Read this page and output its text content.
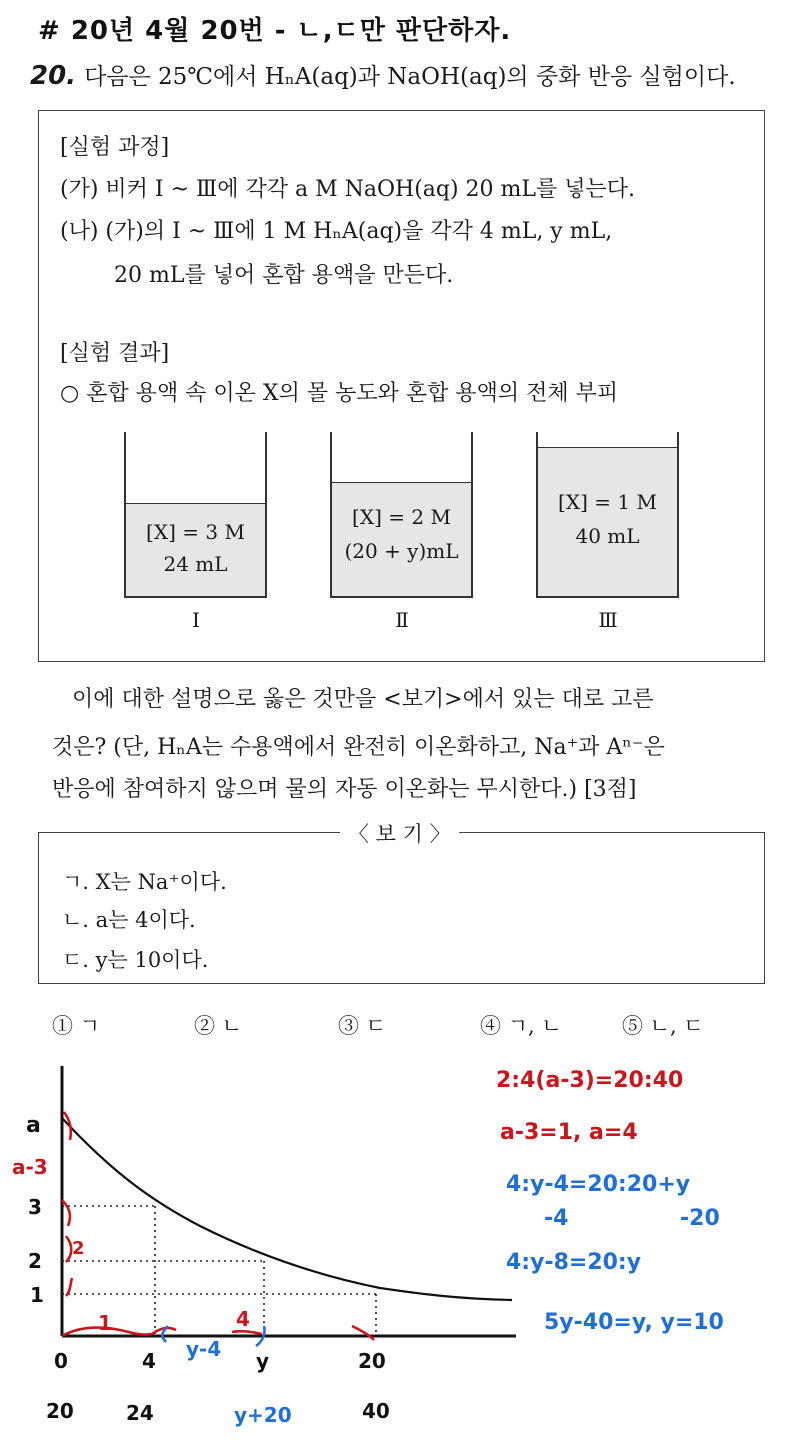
# 20년 4월 20번 - ㄴ,ㄷ만 판단하자.
20. 다음은 25℃에서 HₙA(aq)과 NaOH(aq)의 중화 반응 실험이다.
[실험 과정]
(가) 비커 Ⅰ ~ Ⅲ에 각각 a M NaOH(aq) 20 mL를 넣는다.
(나) (가)의 Ⅰ ~ Ⅲ에 1 M HₙA(aq)을 각각 4 mL, y mL,
20 mL를 넣어 혼합 용액을 만든다.
[실험 결과]
○ 혼합 용액 속 이온 X의 몰 농도와 혼합 용액의 전체 부피
[X] = 3 M
24 mL
Ⅰ
[X] = 2 M
(20 + y)mL
Ⅱ
[X] = 1 M
40 mL
Ⅲ
이에 대한 설명으로 옳은 것만을 <보기>에서 있는 대로 고른
것은? (단, HₙA는 수용액에서 완전히 이온화하고, Na⁺과 Aⁿ⁻은
반응에 참여하지 않으며 물의 자동 이온화는 무시한다.) [3점]
〈 보 기 〉
ㄱ. X는 Na⁺이다.
ㄴ. a는 4이다.
ㄷ. y는 10이다.
① ㄱ	② ㄴ	③ ㄷ	④ ㄱ, ㄴ	⑤ ㄴ, ㄷ
a
a-3
3
2
1
2
1	4
y-4
0	4	y	20
20	24	y+20	40
2:4(a-3)=20:40
a-3=1, a=4
4:y-4=20:20+y
-4	-20
4:y-8=20:y
5y-40=y, y=10
